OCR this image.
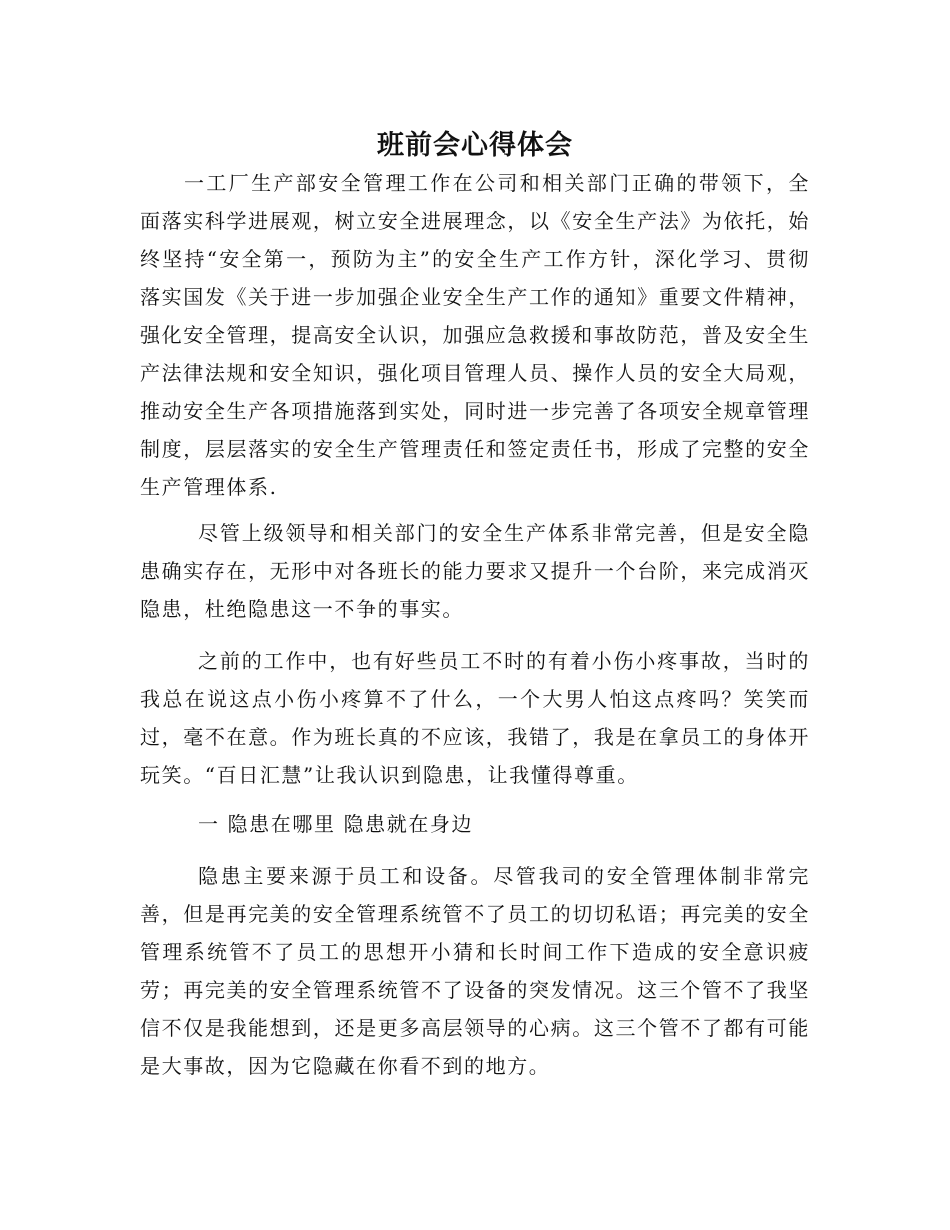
班前会心得体会

一工厂生产部安全管理工作在公司和相关部门正确的带领下，全面落实科学进展观，树立安全进展理念，以《安全生产法》为依托，始终坚持“安全第一，预防为主”的安全生产工作方针，深化学习、贯彻落实国发《关于进一步加强企业安全生产工作的通知》重要文件精神，强化安全管理，提高安全认识，加强应急救援和事故防范，普及安全生产法律法规和安全知识，强化项目管理人员、操作人员的安全大局观，推动安全生产各项措施落到实处，同时进一步完善了各项安全规章管理制度，层层落实的安全生产管理责任和签定责任书，形成了完整的安全生产管理体系.

尽管上级领导和相关部门的安全生产体系非常完善，但是安全隐患确实存在，无形中对各班长的能力要求又提升一个台阶，来完成消灭隐患，杜绝隐患这一不争的事实。

之前的工作中，也有好些员工不时的有着小伤小疼事故，当时的我总在说这点小伤小疼算不了什么，一个大男人怕这点疼吗？笑笑而过，毫不在意。作为班长真的不应该，我错了，我是在拿员工的身体开玩笑。“百日汇慧”让我认识到隐患，让我懂得尊重。

一 隐患在哪里 隐患就在身边

隐患主要来源于员工和设备。尽管我司的安全管理体制非常完善，但是再完美的安全管理系统管不了员工的切切私语；再完美的安全管理系统管不了员工的思想开小猜和长时间工作下造成的安全意识疲劳；再完美的安全管理系统管不了设备的突发情况。这三个管不了我坚信不仅是我能想到，还是更多高层领导的心病。这三个管不了都有可能是大事故，因为它隐藏在你看不到的地方。
